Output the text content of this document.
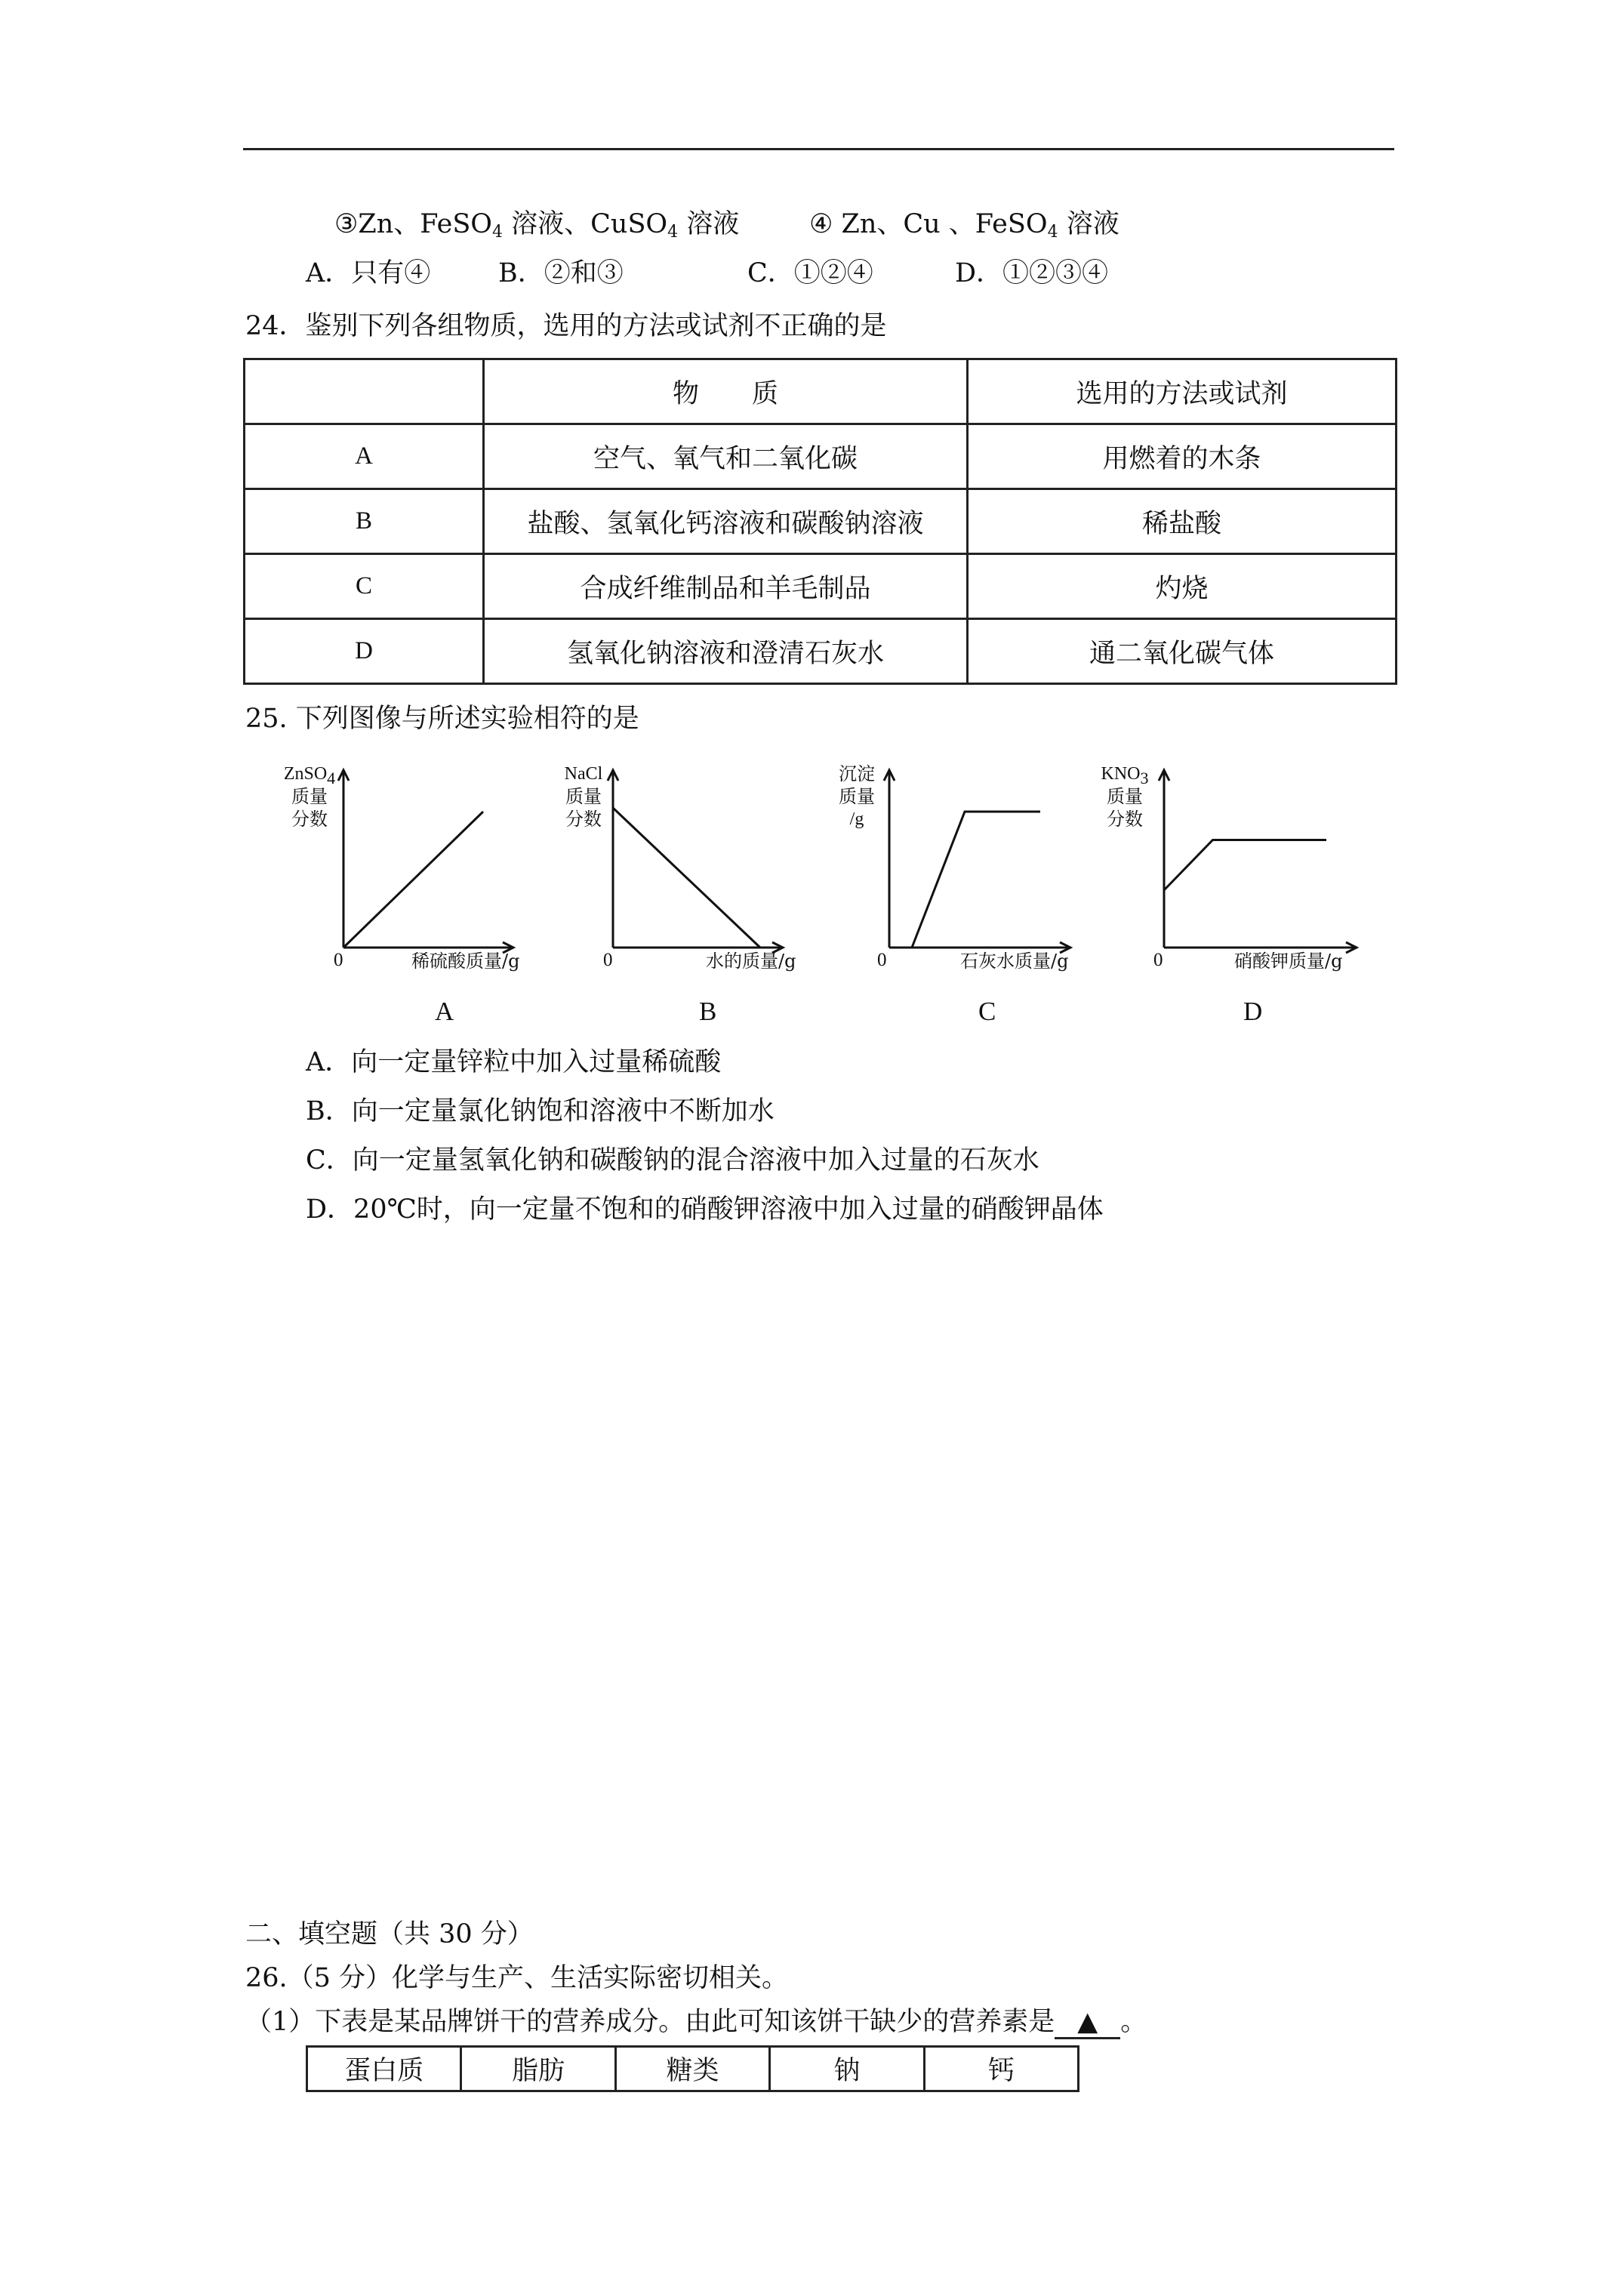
③Zn、FeSO$_4$ 溶液、CuSO$_4$ 溶液	④ Zn、Cu 、FeSO$_4$ 溶液
A．只有④	B．②和③	C．①②④	D．①②③④
24．鉴别下列各组物质，选用的方法或试剂不正确的是
	物　　质	选用的方法或试剂
A	空气、氧气和二氧化碳	用燃着的木条
B	盐酸、氢氧化钙溶液和碳酸钠溶液	稀盐酸
C	合成纤维制品和羊毛制品	灼烧
D	氢氧化钠溶液和澄清石灰水	通二氧化碳气体
25. 下列图像与所述实验相符的是
ZnSO$_4$
质量
分数
0	稀硫酸质量/g
A
NaCl
质量
分数
0	水的质量/g
B
沉淀
质量
/g
0	石灰水质量/g
C
$KNO_3$
质量
分数
0	硝酸钾质量/g
D
A．向一定量锌粒中加入过量稀硫酸
B．向一定量氯化钠饱和溶液中不断加水
C．向一定量氢氧化钠和碳酸钠的混合溶液中加入过量的石灰水
D．20℃时，向一定量不饱和的硝酸钾溶液中加入过量的硝酸钾晶体
二、填空题（共 30 分）
26.（5 分）化学与生产、生活实际密切相关。
（1）下表是某品牌饼干的营养成分。由此可知该饼干缺少的营养素是 ▲ 。
蛋白质	脂肪	糖类	钠	钙
